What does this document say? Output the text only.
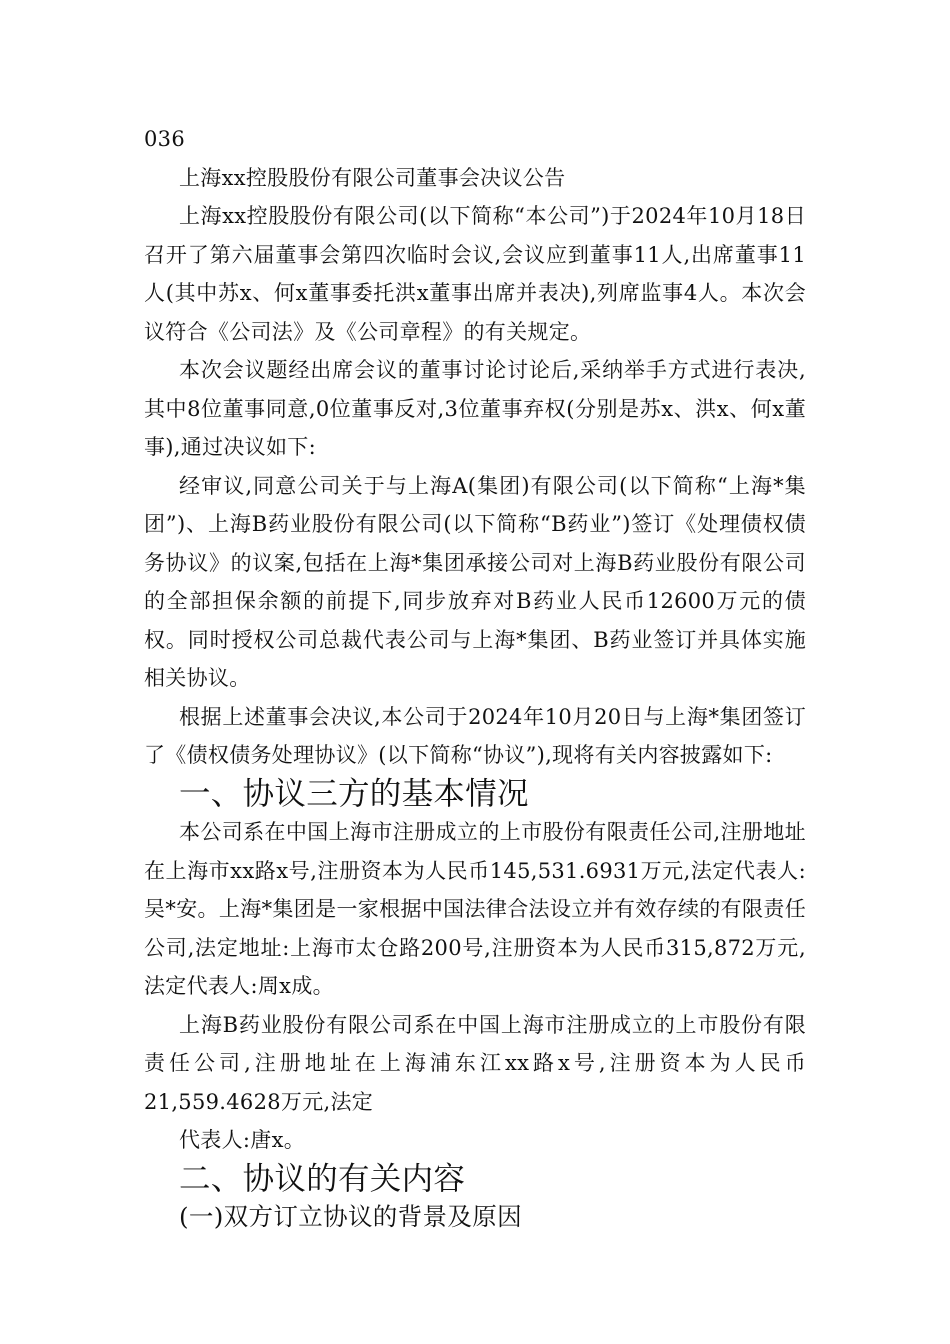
036

上海xx控股股份有限公司董事会决议公告

上海xx控股股份有限公司(以下简称“本公司”)于2024年10月18日召开了第六届董事会第四次临时会议,会议应到董事11人,出席董事11人(其中苏x、何x董事委托洪x董事出席并表决),列席监事4人。本次会议符合《公司法》及《公司章程》的有关规定。

本次会议题经出席会议的董事讨论讨论后,采纳举手方式进行表决,其中8位董事同意,0位董事反对,3位董事弃权(分别是苏x、洪x、何x董事),通过决议如下:

经审议,同意公司关于与上海A(集团)有限公司(以下简称“上海*集团”)、上海B药业股份有限公司(以下简称“B药业”)签订《处理债权债务协议》的议案,包括在上海*集团承接公司对上海B药业股份有限公司的全部担保余额的前提下,同步放弃对B药业人民币12600万元的债权。同时授权公司总裁代表公司与上海*集团、B药业签订并具体实施相关协议。

根据上述董事会决议,本公司于2024年10月20日与上海*集团签订了《债权债务处理协议》(以下简称“协议”),现将有关内容披露如下:

一、协议三方的基本情况

本公司系在中国上海市注册成立的上市股份有限责任公司,注册地址在上海市xx路x号,注册资本为人民币145,531.6931万元,法定代表人:吴*安。上海*集团是一家根据中国法律合法设立并有效存续的有限责任公司,法定地址:上海市太仓路200号,注册资本为人民币315,872万元,法定代表人:周x成。

上海B药业股份有限公司系在中国上海市注册成立的上市股份有限责任公司,注册地址在上海浦东江xx路x号,注册资本为人民币21,559.4628万元,法定

代表人:唐x。

二、协议的有关内容
(一)双方订立协议的背景及原因
